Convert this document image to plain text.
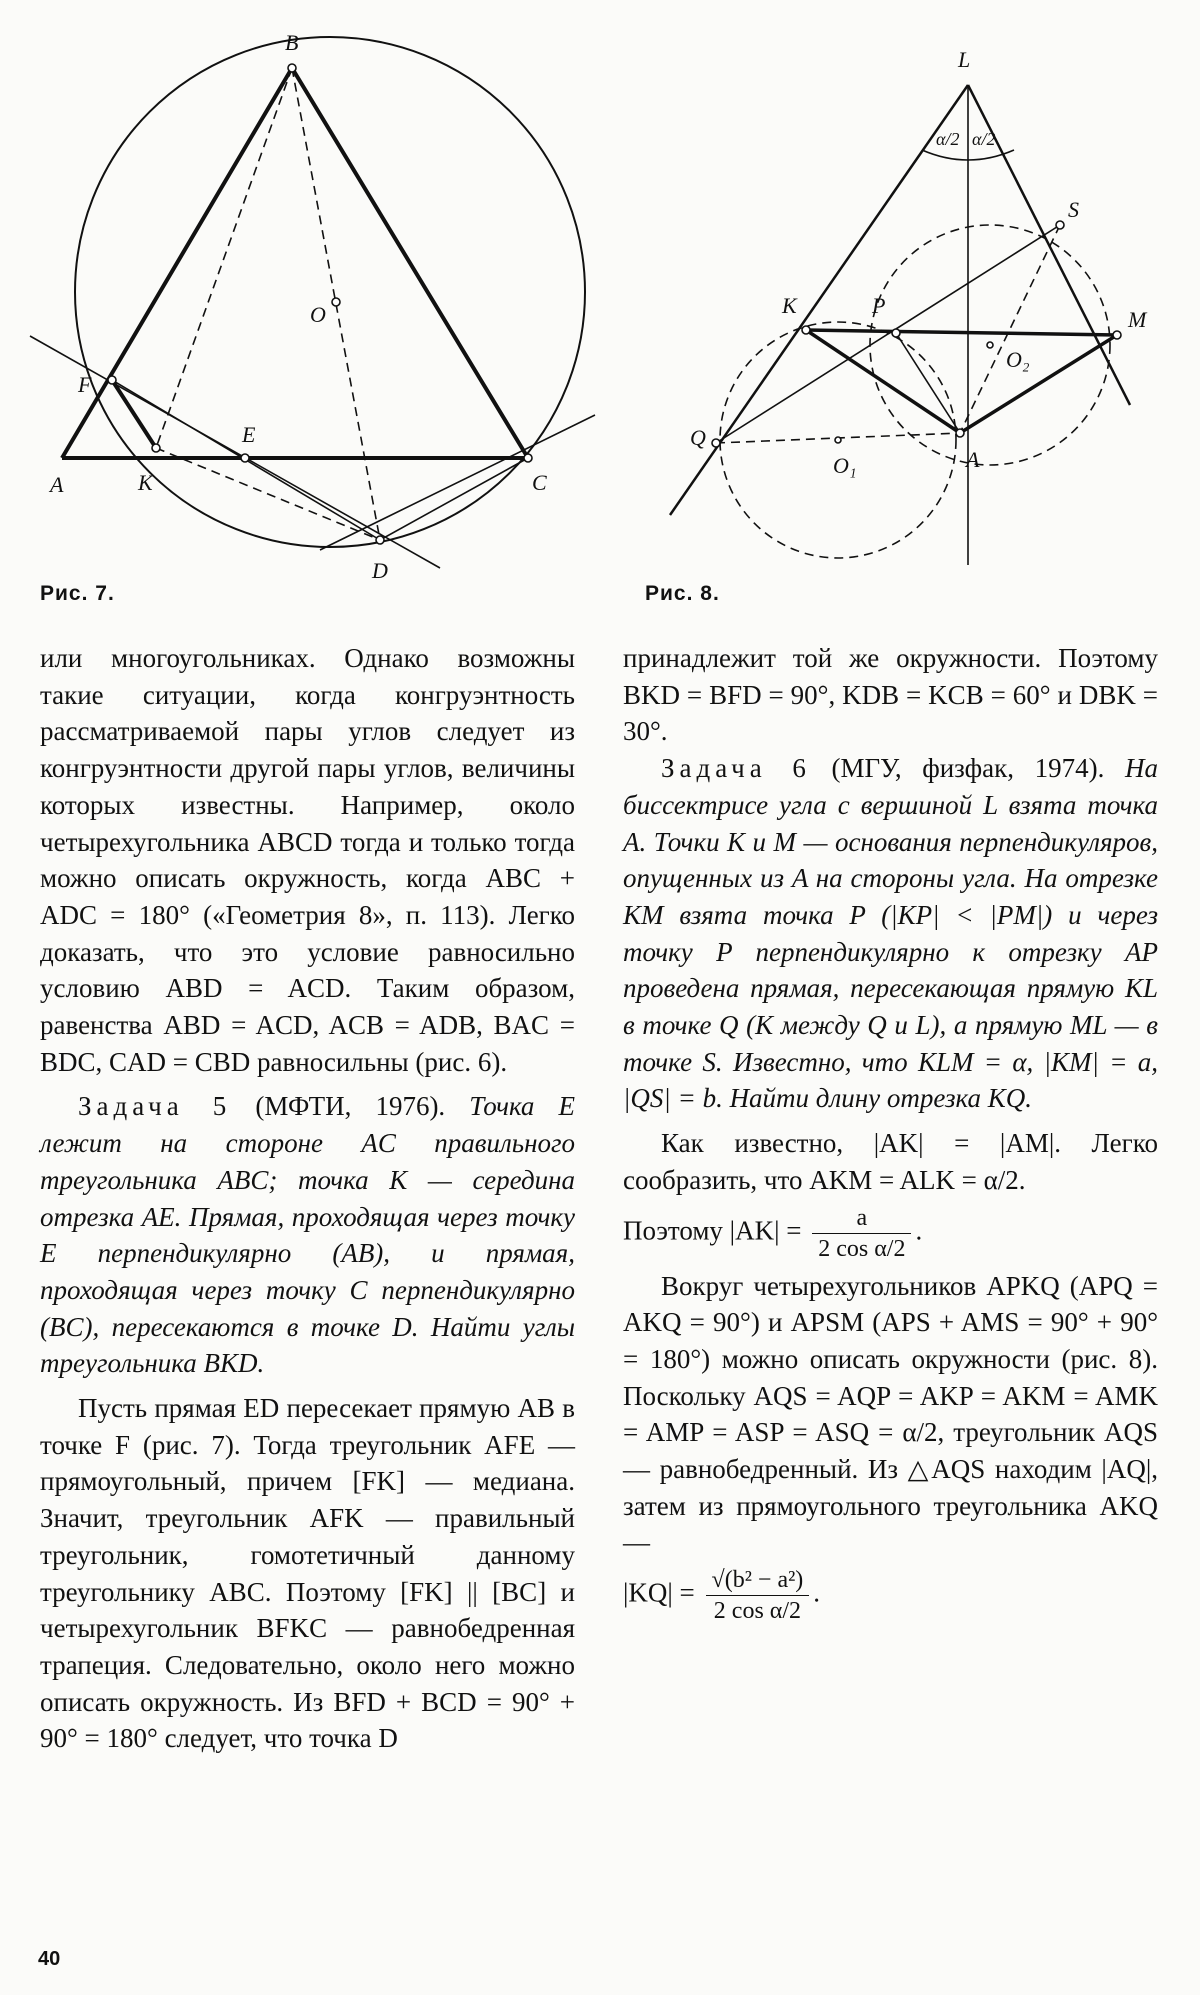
B
O
F
E
A	K	C
D
Рис. 7.
L
α/2 α/2
S
K	P
M
O₂
Q
O₁	A
Рис. 8.

или многоугольниках. Однако возможны такие ситуации, когда конгруэнтность рассматриваемой пары углов следует из конгруэнтности другой пары углов, величины которых известны. Например, около четырехугольника ABCD тогда и только тогда можно описать окружность, когда ABC + ADC = 180° («Геометрия 8», п. 113). Легко доказать, что это условие равносильно условию ABD = ACD. Таким образом, равенства ABD = ACD, ACB = ADB, BAC = BDC, CAD = CBD равносильны (рис. 6).

Задача 5 (МФТИ, 1976). Точка E лежит на стороне AC правильного треугольника ABC; точка K — середина отрезка AE. Прямая, проходящая через точку E перпендикулярно (AB), и прямая, проходящая через точку C перпендикулярно (BC), пересекаются в точке D. Найти углы треугольника BKD.

Пусть прямая ED пересекает прямую AB в точке F (рис. 7). Тогда треугольник AFE — прямоугольный, причем [FK] — медиана. Значит, треугольник AFK — правильный треугольник, гомотетичный данному треугольнику ABC. Поэтому [FK] || [BC] и четырехугольник BFKC — равнобедренная трапеция. Следовательно, около него можно описать окружность. Из BFD + BCD = 90° + 90° = 180° следует, что точка D

принадлежит той же окружности. Поэтому BKD = BFD = 90°, KDB = KCB = 60° и DBK = 30°.

Задача 6 (МГУ, физфак, 1974). На биссектрисе угла с вершиной L взята точка A. Точки K и M — основания перпендикуляров, опущенных из A на стороны угла. На отрезке KM взята точка P (|KP| < |PM|) и через точку P перпендикулярно к отрезку AP проведена прямая, пересекающая прямую KL в точке Q (K между Q и L), а прямую ML — в точке S. Известно, что KLM = α, |KM| = a, |QS| = b. Найти длину отрезка KQ.

Как известно, |AK| = |AM|. Легко сообразить, что AKM = ALK = α/2.

Поэтому $|AK| = \frac{a}{\text{2 cos α/2}}$ .

Вокруг четырехугольников APKQ (APQ = AKQ = 90°) и APSM (APS + AMS = 90° + 90° = 180°) можно описать окружности (рис. 8). Поскольку AQS = AQP = AKP = AKM = AMK = AMP = ASP = ASQ = α/2, треугольник AQS — равнобедренный. Из △AQS находим |AQ|, затем из прямоугольного треугольника AKQ —

$|KQ| = \frac{\text{√(b² − a²)}}{\text{2 cos α/2}}$ .
40
